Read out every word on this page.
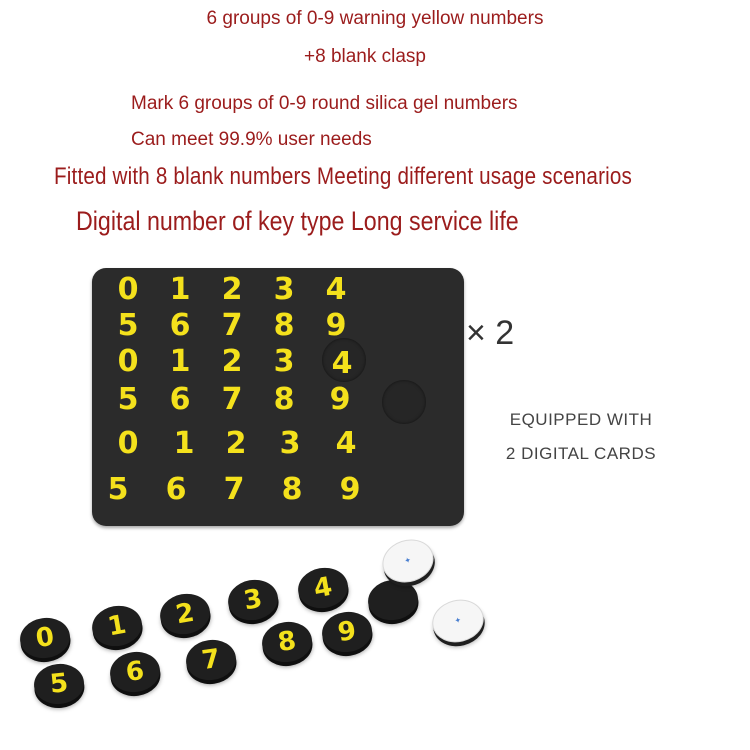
6 groups of 0-9 warning yellow numbers
+8 blank clasp
Mark 6 groups of 0-9 round silica gel numbers
Can meet 99.9% user needs
Fitted with 8 blank numbers Meeting different usage scenarios
Digital number of key type Long service life
0	1	2	3	4
5	6	7	8	9
0	1	2	3	4
5	6	7	8	9
0	1	2	3	4
5	6	7	8	9
× 2
EQUIPPED WITH
2 DIGITAL CARDS
0
5
1
6
2
7
3
8
4
9
✦
✦
